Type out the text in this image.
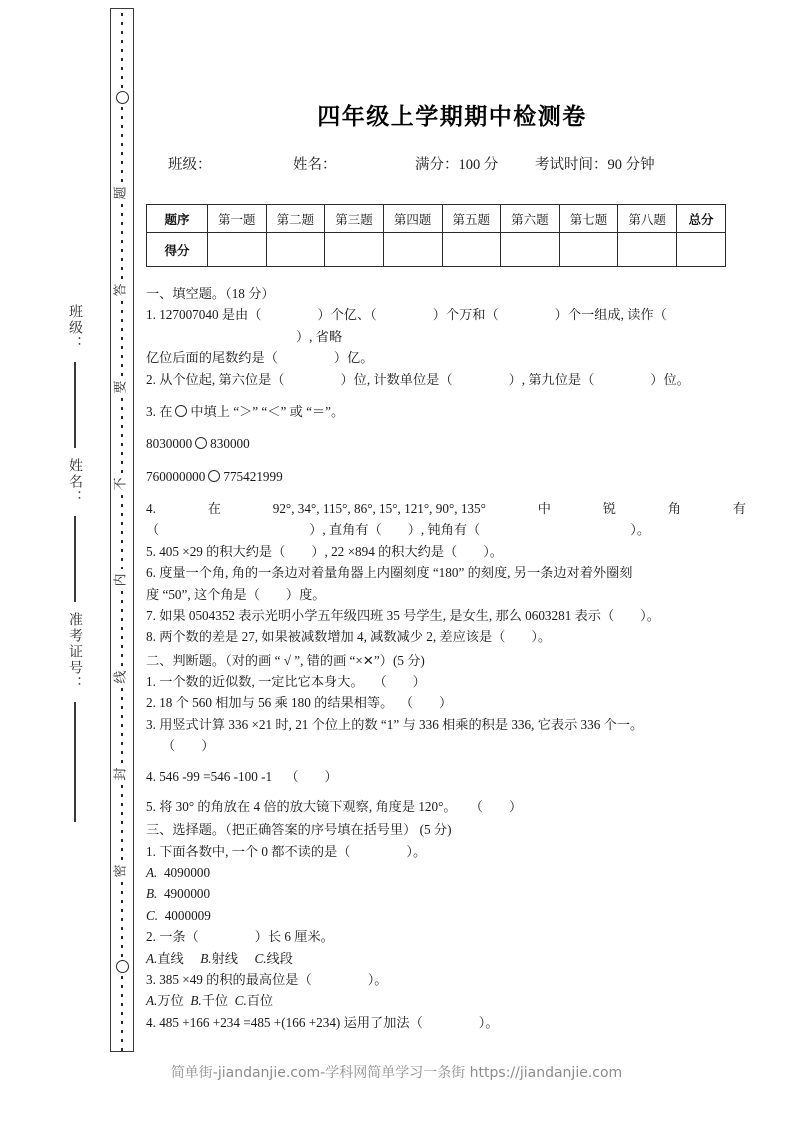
题
答
要
不
内
线
封
密
班级：
姓名：
准考证号：
四年级上学期期中检测卷
班级：	姓名：	满分：100 分	考试时间：90 分钟
题序	第一题	第二题	第三题	第四题	第五题	第六题	第七题	第八题	总分
得分									
一、填空题。（18 分）
1. 127007040 是由（	）个亿、（	）个万和（	）个一组成, 读作（）, 省略
亿位后面的尾数约是（	）亿。
2. 从个位起, 第六位是（	）位, 计数单位是（	）, 第九位是（	）位。
3. 在 中填上 “＞” “＜” 或 “＝”。
8030000 830000
760000000 775421999
4.	在	92°, 34°, 115°, 86°, 15°, 121°, 90°, 135°	中	锐	角	有
（	）, 直角有（ ）, 钝角有（	）。
5. 405 ×29 的积大约是（ ）, 22 ×894 的积大约是（ ）。
6. 度量一个角, 角的一条边对着量角器上内圈刻度 “180” 的刻度, 另一条边对着外圈刻
度 “50”, 这个角是（ ）度。
7. 如果 0504352 表示光明小学五年级四班 35 号学生, 是女生, 那么 0603281 表示（ ）。
8. 两个数的差是 27, 如果被减数增加 4, 减数减少 2, 差应该是（ ）。
二、判断题。（对的画 “ √ ”, 错的画 “×✕”）(5 分)
1. 一个数的近似数, 一定比它本身大。 （ ）
2. 18 个 560 相加与 56 乘 180 的结果相等。 （ ）
3. 用竖式计算 336 ×21 时, 21 个位上的数 “1” 与 336 相乘的积是 336, 它表示 336 个一。
（ ）
4. 546 -99 =546 -100 -1 （ ）
5. 将 30° 的角放在 4 倍的放大镜下观察, 角度是 120°。 （ ）
三、选择题。（把正确答案的序号填在括号里） (5 分)
1. 下面各数中, 一个 0 都不读的是（	）。
A. 4090000
B. 4900000
C. 4000009
2. 一条（	）长 6 厘米。
A.直线 B.射线 C.线段
3. 385 ×49 的积的最高位是（	）。
A.万位 B.千位 C.百位
4. 485 +166 +234 =485 +(166 +234) 运用了加法（	）。
简单街-jiandanjie.com-学科网简单学习一条街 https://jiandanjie.com
